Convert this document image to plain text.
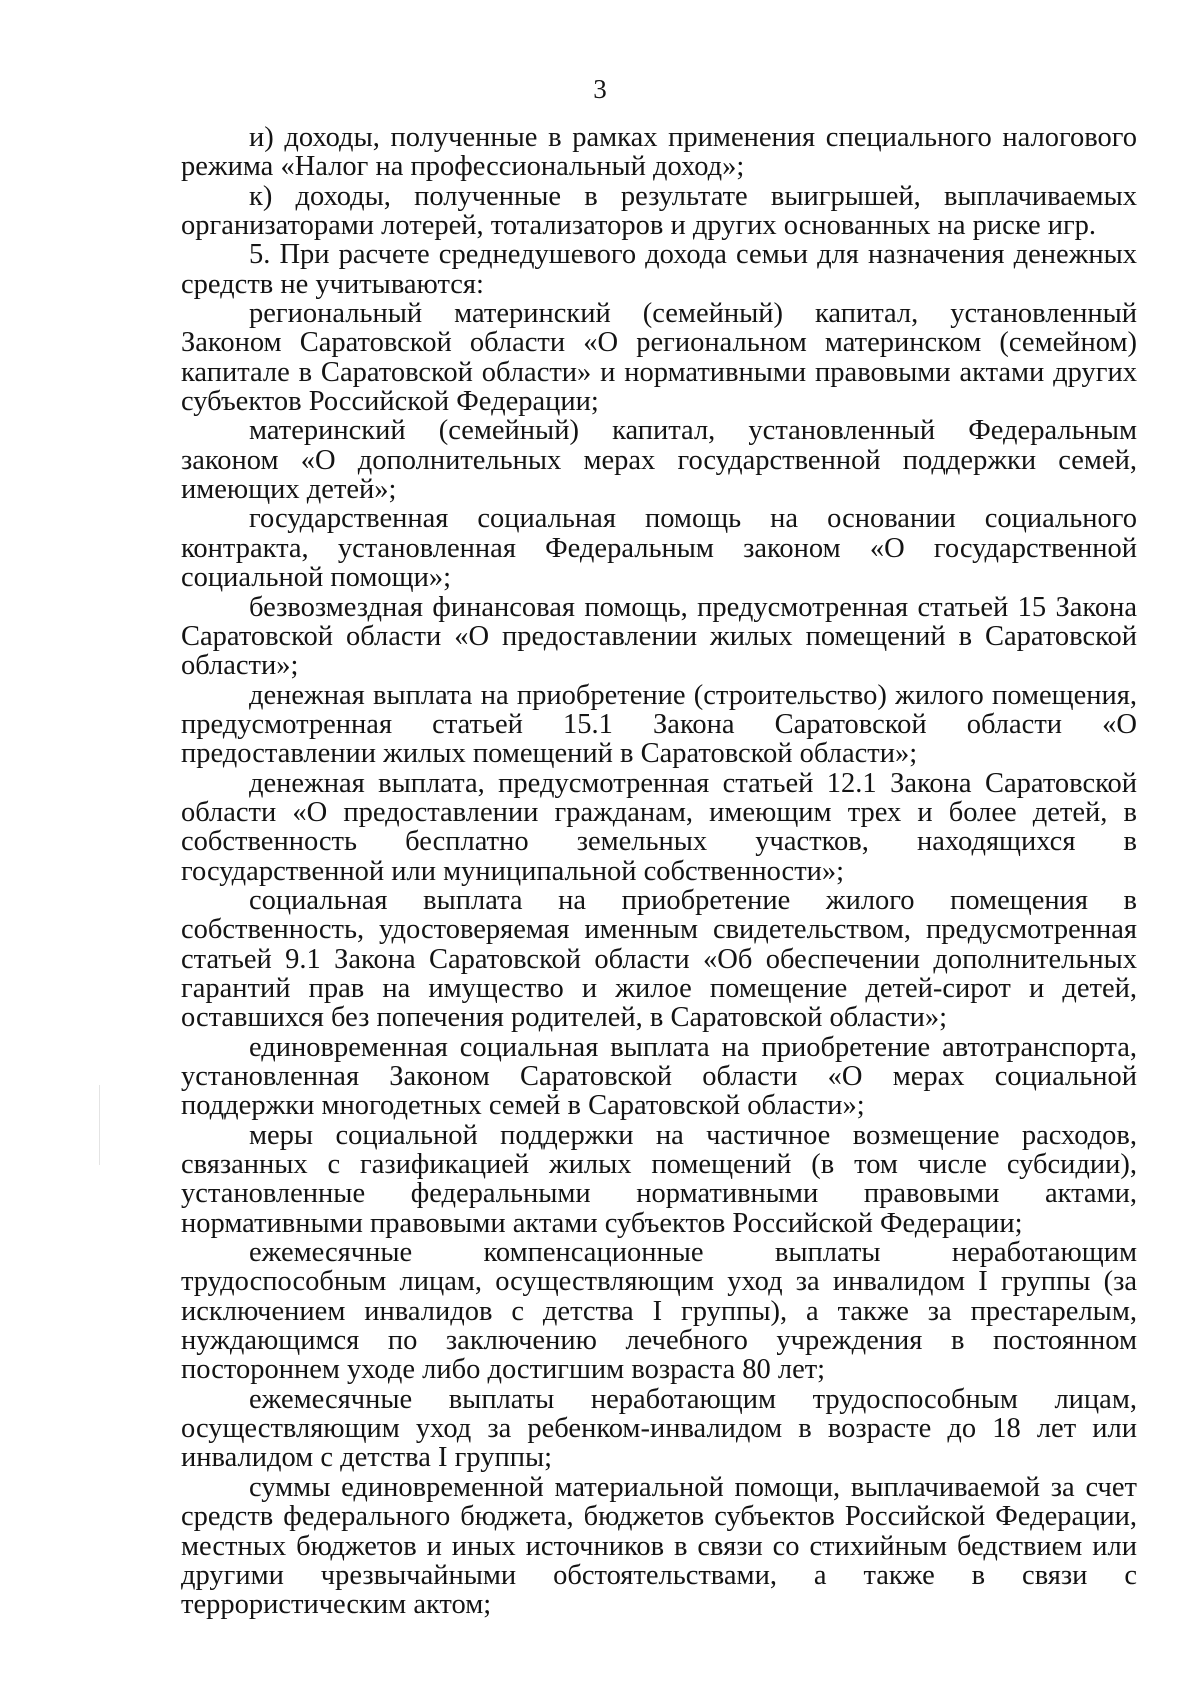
3

и) доходы, полученные в рамках применения специального налогового режима «Налог на профессиональный доход»;

к) доходы, полученные в результате выигрышей, выплачиваемых организаторами лотерей, тотализаторов и других основанных на риске игр.

5. При расчете среднедушевого дохода семьи для назначения денежных средств не учитываются:

региональный материнский (семейный) капитал, установленный Законом Саратовской области «О региональном материнском (семейном) капитале в Саратовской области» и нормативными правовыми актами других субъектов Российской Федерации;

материнский (семейный) капитал, установленный Федеральным законом «О дополнительных мерах государственной поддержки семей, имеющих детей»;

государственная социальная помощь на основании социального контракта, установленная Федеральным законом «О государственной социальной помощи»;

безвозмездная финансовая помощь, предусмотренная статьей 15 Закона Саратовской области «О предоставлении жилых помещений в Саратовской области»;

денежная выплата на приобретение (строительство) жилого помещения, предусмотренная статьей 15.1 Закона Саратовской области «О предоставлении жилых помещений в Саратовской области»;

денежная выплата, предусмотренная статьей 12.1 Закона Саратовской области «О предоставлении гражданам, имеющим трех и более детей, в собственность бесплатно земельных участков, находящихся в государственной или муниципальной собственности»;

социальная выплата на приобретение жилого помещения в собственность, удостоверяемая именным свидетельством, предусмотренная статьей 9.1 Закона Саратовской области «Об обеспечении дополнительных гарантий прав на имущество и жилое помещение детей-сирот и детей, оставшихся без попечения родителей, в Саратовской области»;

единовременная социальная выплата на приобретение автотранспорта, установленная Законом Саратовской области «О мерах социальной поддержки многодетных семей в Саратовской области»;

меры социальной поддержки на частичное возмещение расходов, связанных с газификацией жилых помещений (в том числе субсидии), установленные федеральными нормативными правовыми актами, нормативными правовыми актами субъектов Российской Федерации;

ежемесячные компенсационные выплаты неработающим трудоспособным лицам, осуществляющим уход за инвалидом I группы (за исключением инвалидов с детства I группы), а также за престарелым, нуждающимся по заключению лечебного учреждения в постоянном постороннем уходе либо достигшим возраста 80 лет;

ежемесячные выплаты неработающим трудоспособным лицам, осуществляющим уход за ребенком-инвалидом в возрасте до 18 лет или инвалидом с детства I группы;

суммы единовременной материальной помощи, выплачиваемой за счет средств федерального бюджета, бюджетов субъектов Российской Федерации, местных бюджетов и иных источников в связи со стихийным бедствием или другими чрезвычайными обстоятельствами, а также в связи с террористическим актом;
